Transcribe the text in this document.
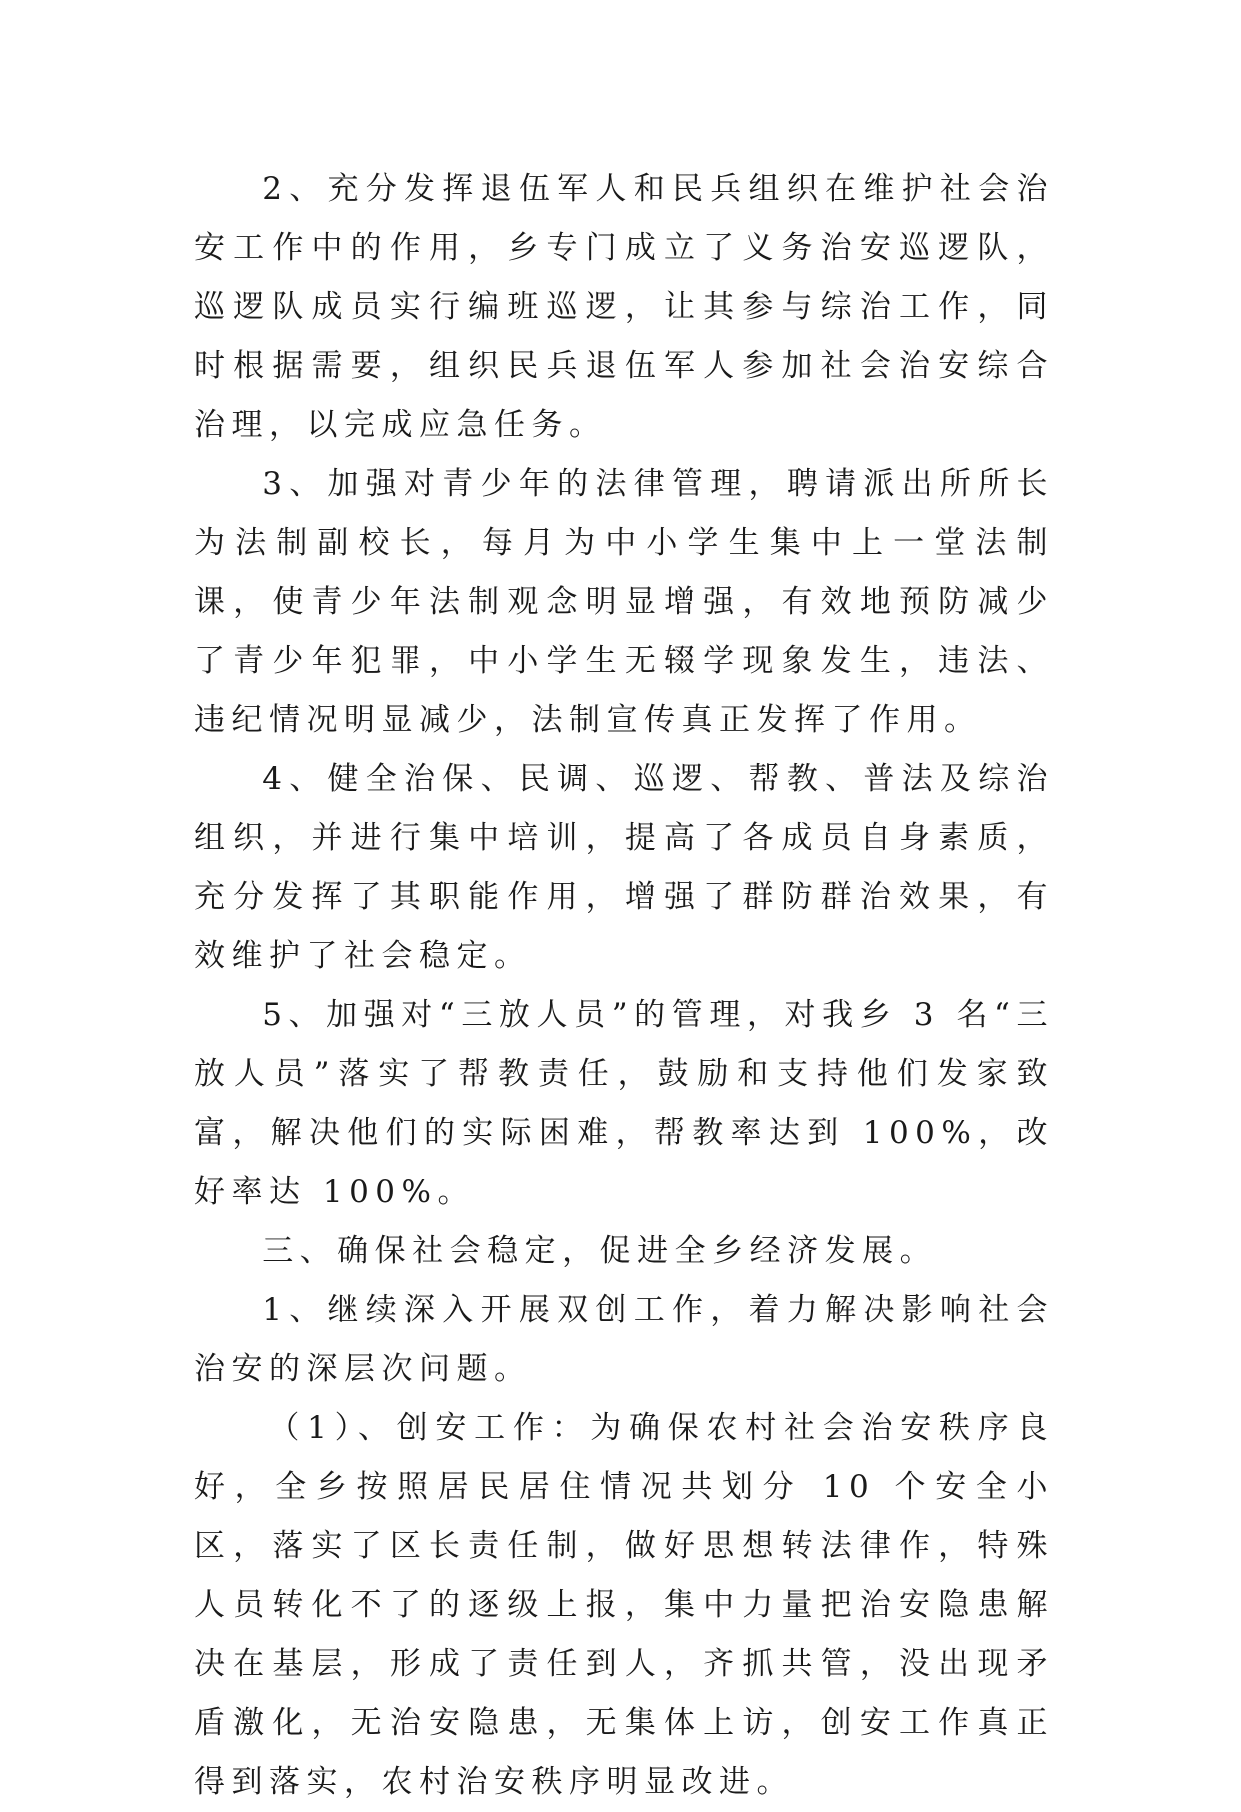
2、充分发挥退伍军人和民兵组织在维护社会治安工作中的作用，乡专门成立了义务治安巡逻队，巡逻队成员实行编班巡逻，让其参与综治工作，同时根据需要，组织民兵退伍军人参加社会治安综合治理，以完成应急任务。

3、加强对青少年的法律管理，聘请派出所所长为法制副校长，每月为中小学生集中上一堂法制课，使青少年法制观念明显增强，有效地预防减少了青少年犯罪，中小学生无辍学现象发生，违法、违纪情况明显减少，法制宣传真正发挥了作用。

4、健全治保、民调、巡逻、帮教、普法及综治组织，并进行集中培训，提高了各成员自身素质，充分发挥了其职能作用，增强了群防群治效果，有效维护了社会稳定。

5、加强对“三放人员”的管理，对我乡 3 名“三放人员”落实了帮教责任，鼓励和支持他们发家致富，解决他们的实际困难，帮教率达到 100%，改好率达 100%。

三、确保社会稳定，促进全乡经济发展。

1、继续深入开展双创工作，着力解决影响社会治安的深层次问题。

（1）、创安工作：为确保农村社会治安秩序良好，全乡按照居民居住情况共划分 10 个安全小区，落实了区长责任制，做好思想转法律作，特殊人员转化不了的逐级上报，集中力量把治安隐患解决在基层，形成了责任到人，齐抓共管，没出现矛盾激化，无治安隐患，无集体上访，创安工作真正得到落实，农村治安秩序明显改进。
